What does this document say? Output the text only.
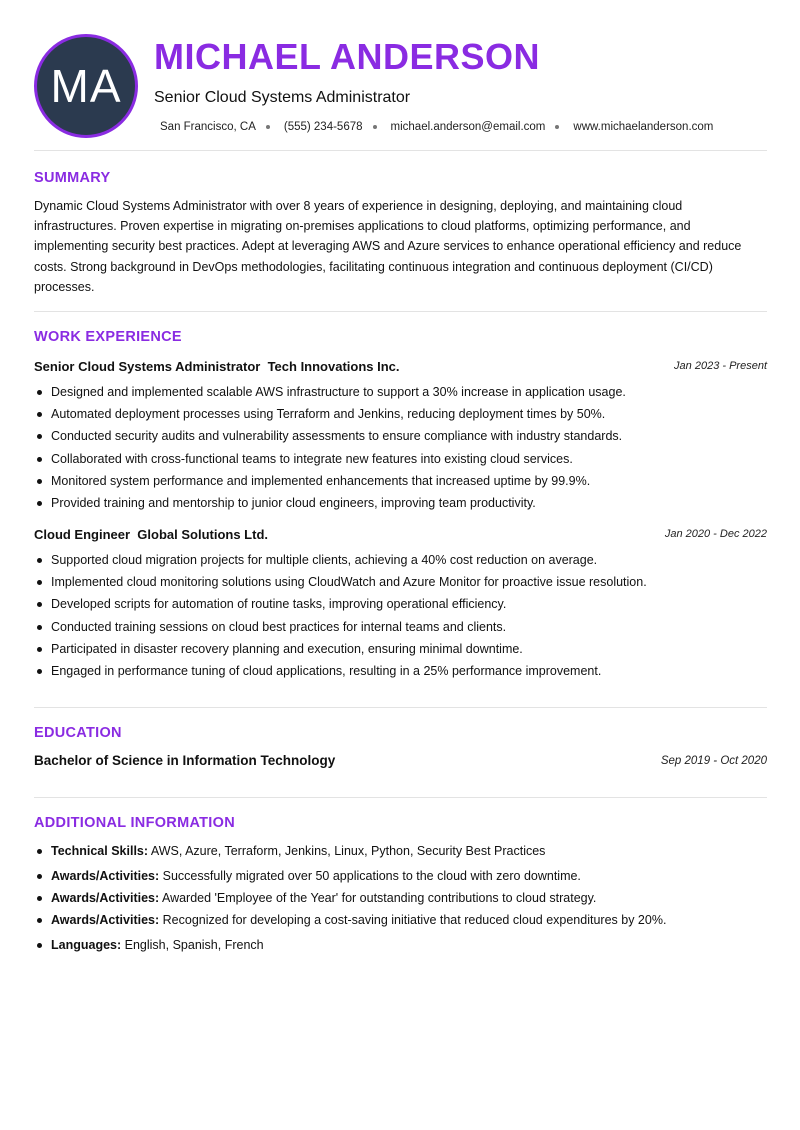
MA
MICHAEL ANDERSON
Senior Cloud Systems Administrator
San Francisco, CA (555) 234-5678 michael.anderson@email.com www.michaelanderson.com
SUMMARY
Dynamic Cloud Systems Administrator with over 8 years of experience in designing, deploying, and maintaining cloud infrastructures. Proven expertise in migrating on-premises applications to cloud platforms, optimizing performance, and implementing security best practices. Adept at leveraging AWS and Azure services to enhance operational efficiency and reduce costs. Strong background in DevOps methodologies, facilitating continuous integration and continuous deployment (CI/CD) processes.
WORK EXPERIENCE
Senior Cloud Systems Administrator Tech Innovations Inc.	Jan 2023 - Present
Designed and implemented scalable AWS infrastructure to support a 30% increase in application usage.
Automated deployment processes using Terraform and Jenkins, reducing deployment times by 50%.
Conducted security audits and vulnerability assessments to ensure compliance with industry standards.
Collaborated with cross-functional teams to integrate new features into existing cloud services.
Monitored system performance and implemented enhancements that increased uptime by 99.9%.
Provided training and mentorship to junior cloud engineers, improving team productivity.
Cloud Engineer Global Solutions Ltd.	Jan 2020 - Dec 2022
Supported cloud migration projects for multiple clients, achieving a 40% cost reduction on average.
Implemented cloud monitoring solutions using CloudWatch and Azure Monitor for proactive issue resolution.
Developed scripts for automation of routine tasks, improving operational efficiency.
Conducted training sessions on cloud best practices for internal teams and clients.
Participated in disaster recovery planning and execution, ensuring minimal downtime.
Engaged in performance tuning of cloud applications, resulting in a 25% performance improvement.
EDUCATION
Bachelor of Science in Information Technology	Sep 2019 - Oct 2020
ADDITIONAL INFORMATION
Technical Skills: AWS, Azure, Terraform, Jenkins, Linux, Python, Security Best Practices
Awards/Activities: Successfully migrated over 50 applications to the cloud with zero downtime.
Awards/Activities: Awarded 'Employee of the Year' for outstanding contributions to cloud strategy.
Awards/Activities: Recognized for developing a cost-saving initiative that reduced cloud expenditures by 20%.
Languages: English, Spanish, French
